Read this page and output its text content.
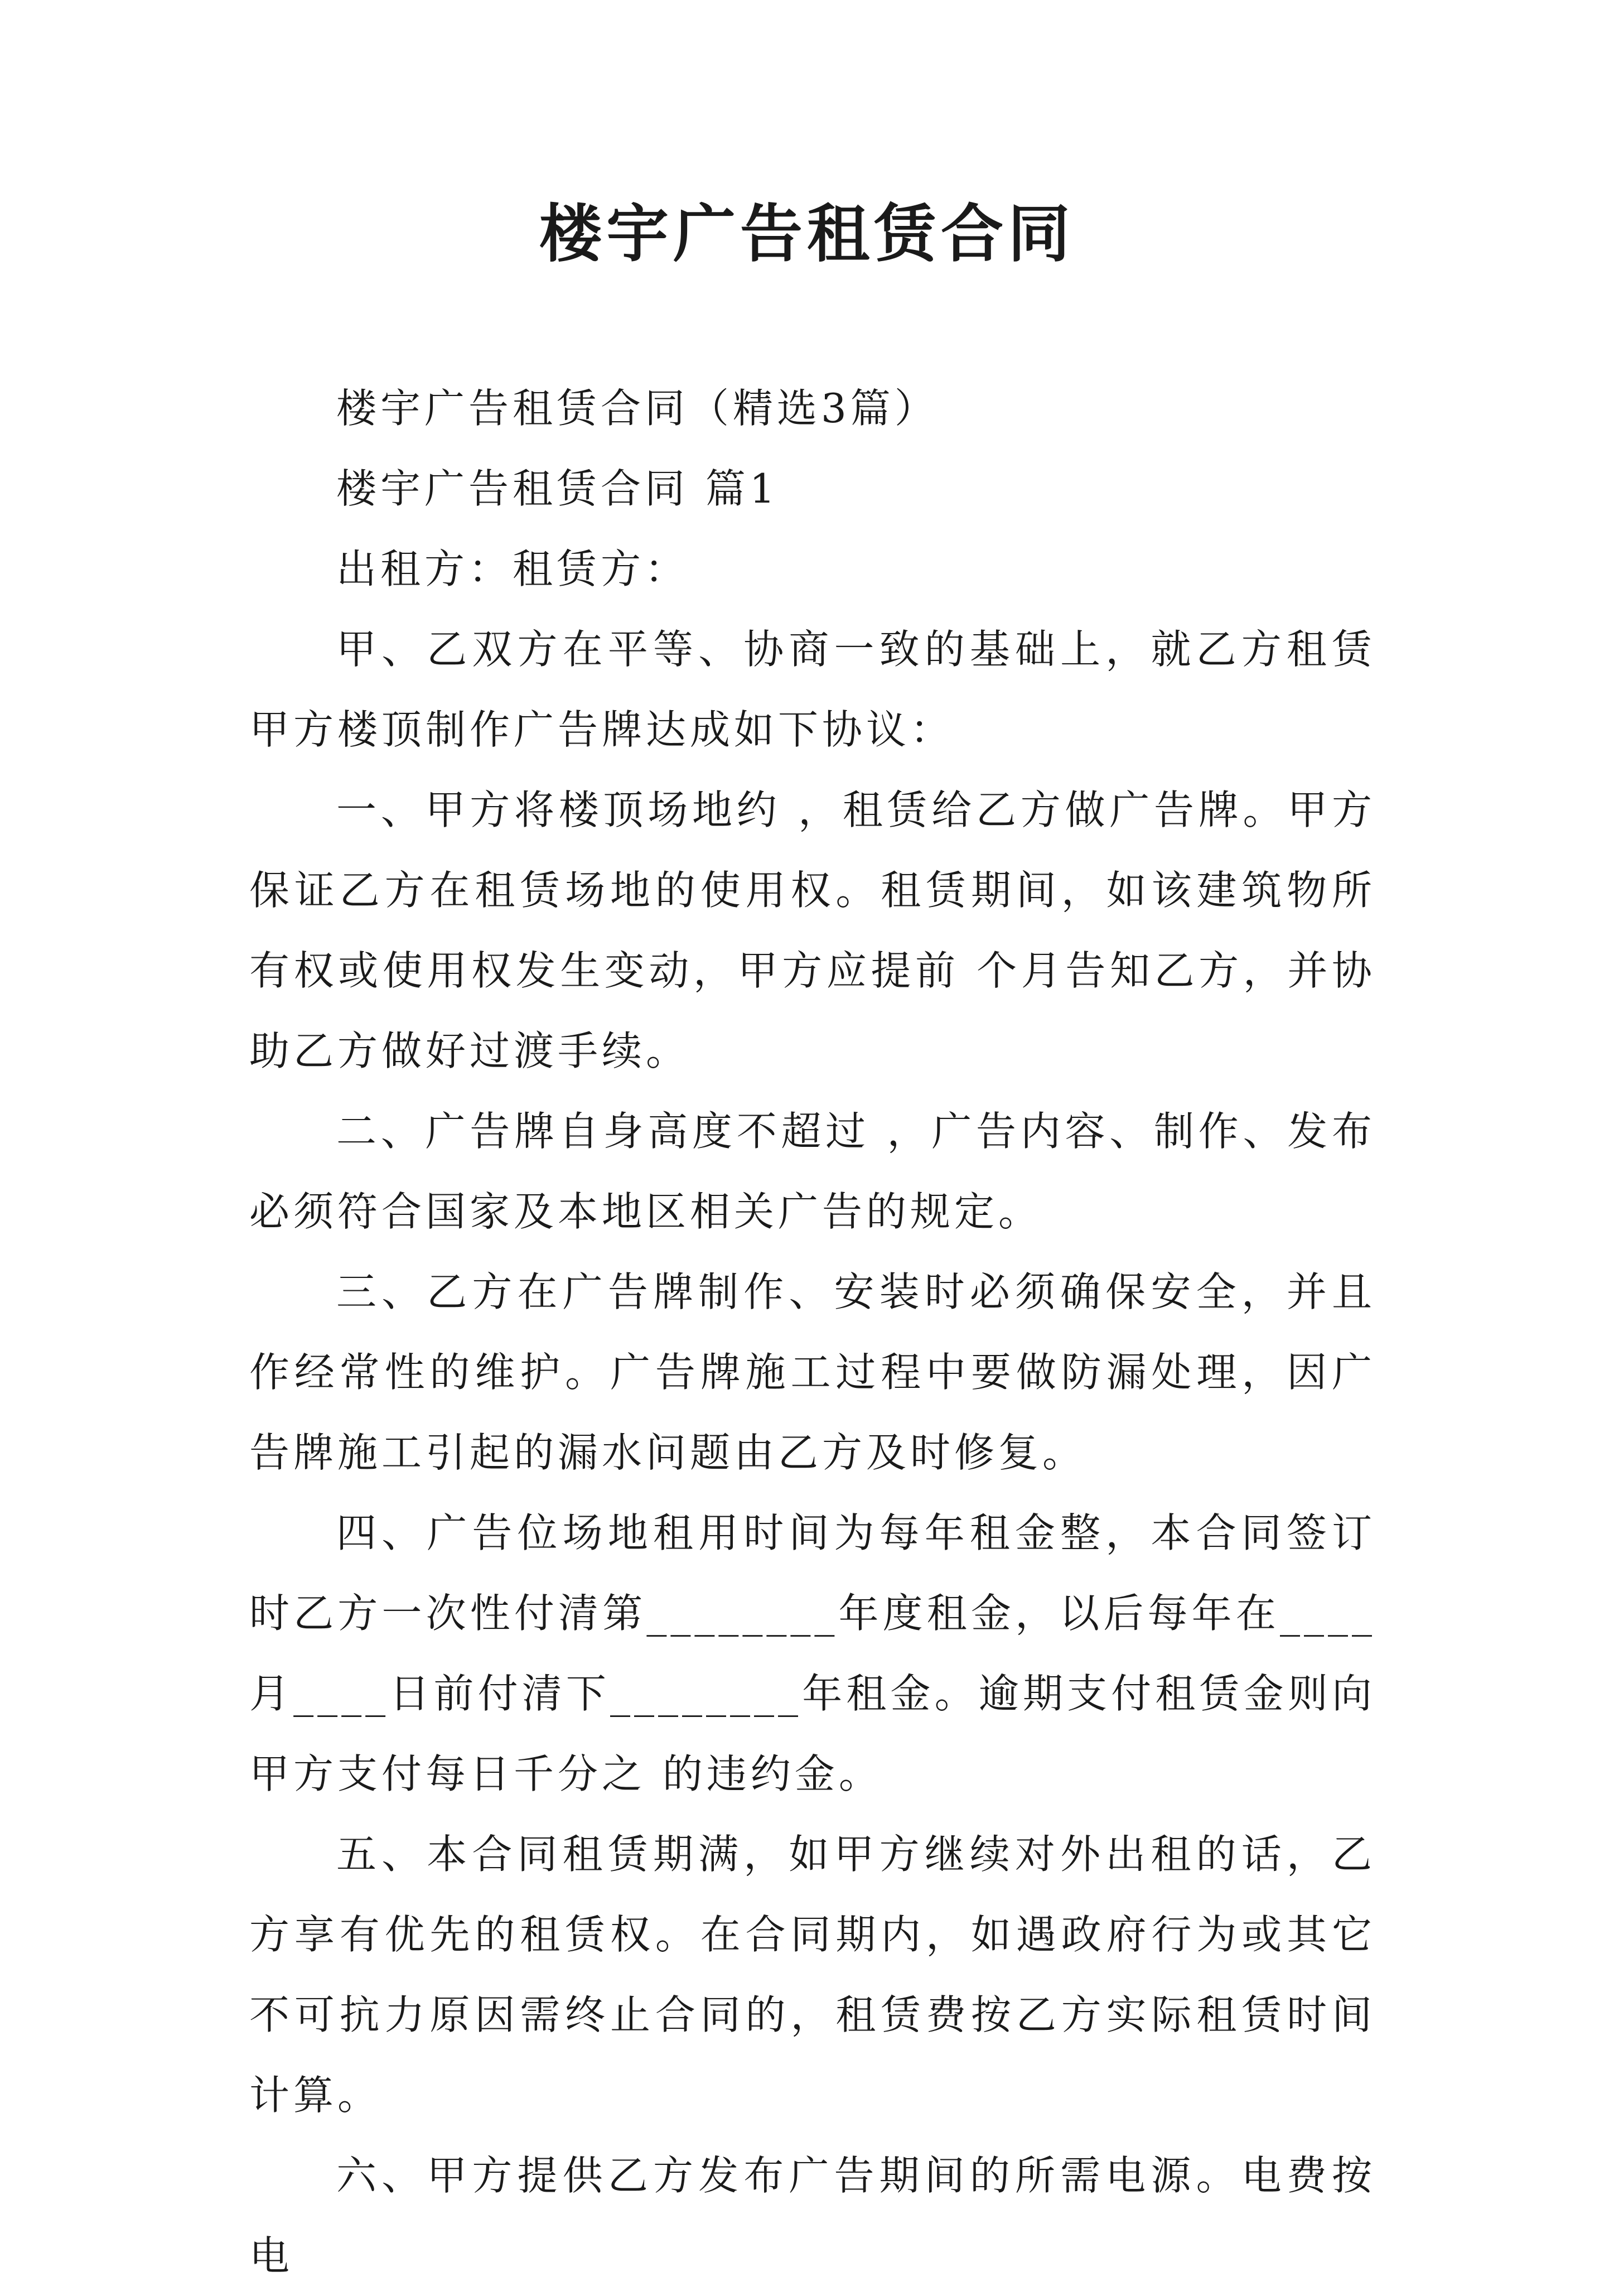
楼宇广告租赁合同

楼宇广告租赁合同（精选3篇）

楼宇广告租赁合同 篇1

出租方：租赁方：

甲、乙双方在平等、协商一致的基础上，就乙方租赁甲方楼顶制作广告牌达成如下协议：

一、甲方将楼顶场地约 ，租赁给乙方做广告牌。甲方保证乙方在租赁场地的使用权。租赁期间，如该建筑物所有权或使用权发生变动，甲方应提前 个月告知乙方，并协助乙方做好过渡手续。

二、广告牌自身高度不超过 ，广告内容、制作、发布必须符合国家及本地区相关广告的规定。

三、乙方在广告牌制作、安装时必须确保安全，并且作经常性的维护。广告牌施工过程中要做防漏处理，因广告牌施工引起的漏水问题由乙方及时修复。

四、广告位场地租用时间为每年租金整，本合同签订时乙方一次性付清第________年度租金，以后每年在____月____日前付清下________年租金。逾期支付租赁金则向甲方支付每日千分之 的违约金。

五、本合同租赁期满，如甲方继续对外出租的话，乙方享有优先的租赁权。在合同期内，如遇政府行为或其它不可抗力原因需终止合同的，租赁费按乙方实际租赁时间计算。

六、甲方提供乙方发布广告期间的所需电源。电费按电
